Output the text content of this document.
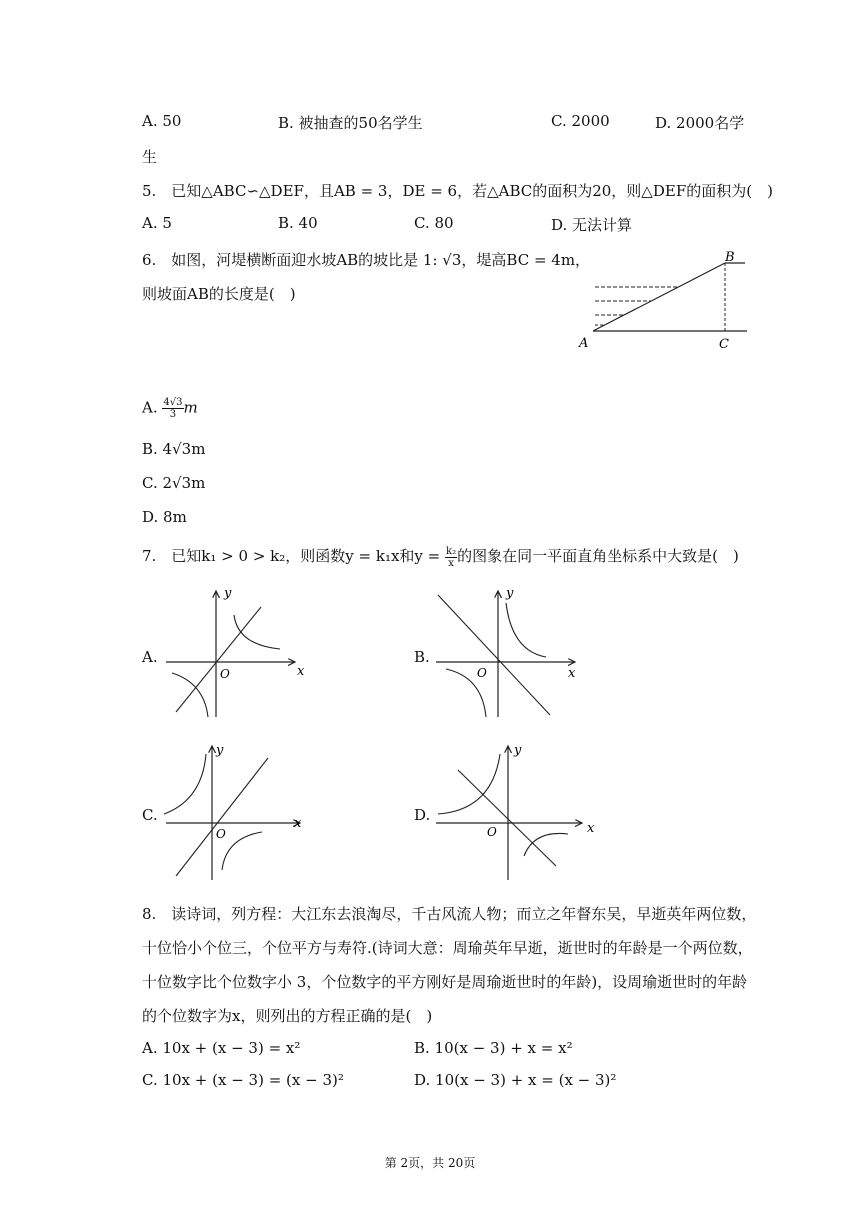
A. 50	B. 被抽查的50名学生	C. 2000	D. 2000名学
生
5.　已知△ABC∽△DEF，且AB = 3，DE = 6，若△ABC的面积为20，则△DEF的面积为(　)
A. 5	B. 40	C. 80	D. 无法计算
6.　如图，河堤横断面迎水坡AB的坡比是 1: √3，堤高BC = 4m，
则坡面AB的长度是(　)
A
B
C
A. $\frac{4√3}{3}$ m
B. 4√3m
C. 2√3m
D. 8m
7.　已知k₁ > 0 > k₂，则函数y = k₁x和$y = \frac{\text{k₂}}{x}$ 的图象在同一平面直角坐标系中大致是(　)
A.	B.
C.	D.
x
y
O	x
y
O
x
y
O	x
y
O
8.　读诗词，列方程：大江东去浪淘尽，千古风流人物；而立之年督东吴，早逝英年两位数，
十位恰小个位三，个位平方与寿符.(诗词大意：周瑜英年早逝，逝世时的年龄是一个两位数，
十位数字比个位数字小 3，个位数字的平方刚好是周瑜逝世时的年龄)，设周瑜逝世时的年龄
的个位数字为x，则列出的方程正确的是(　)
A. 10x + (x − 3) = x²	B. 10(x − 3) + x = x²
C. 10x + (x − 3) = (x − 3)²	D. 10(x − 3) + x = (x − 3)²
第 2页，共 20页
